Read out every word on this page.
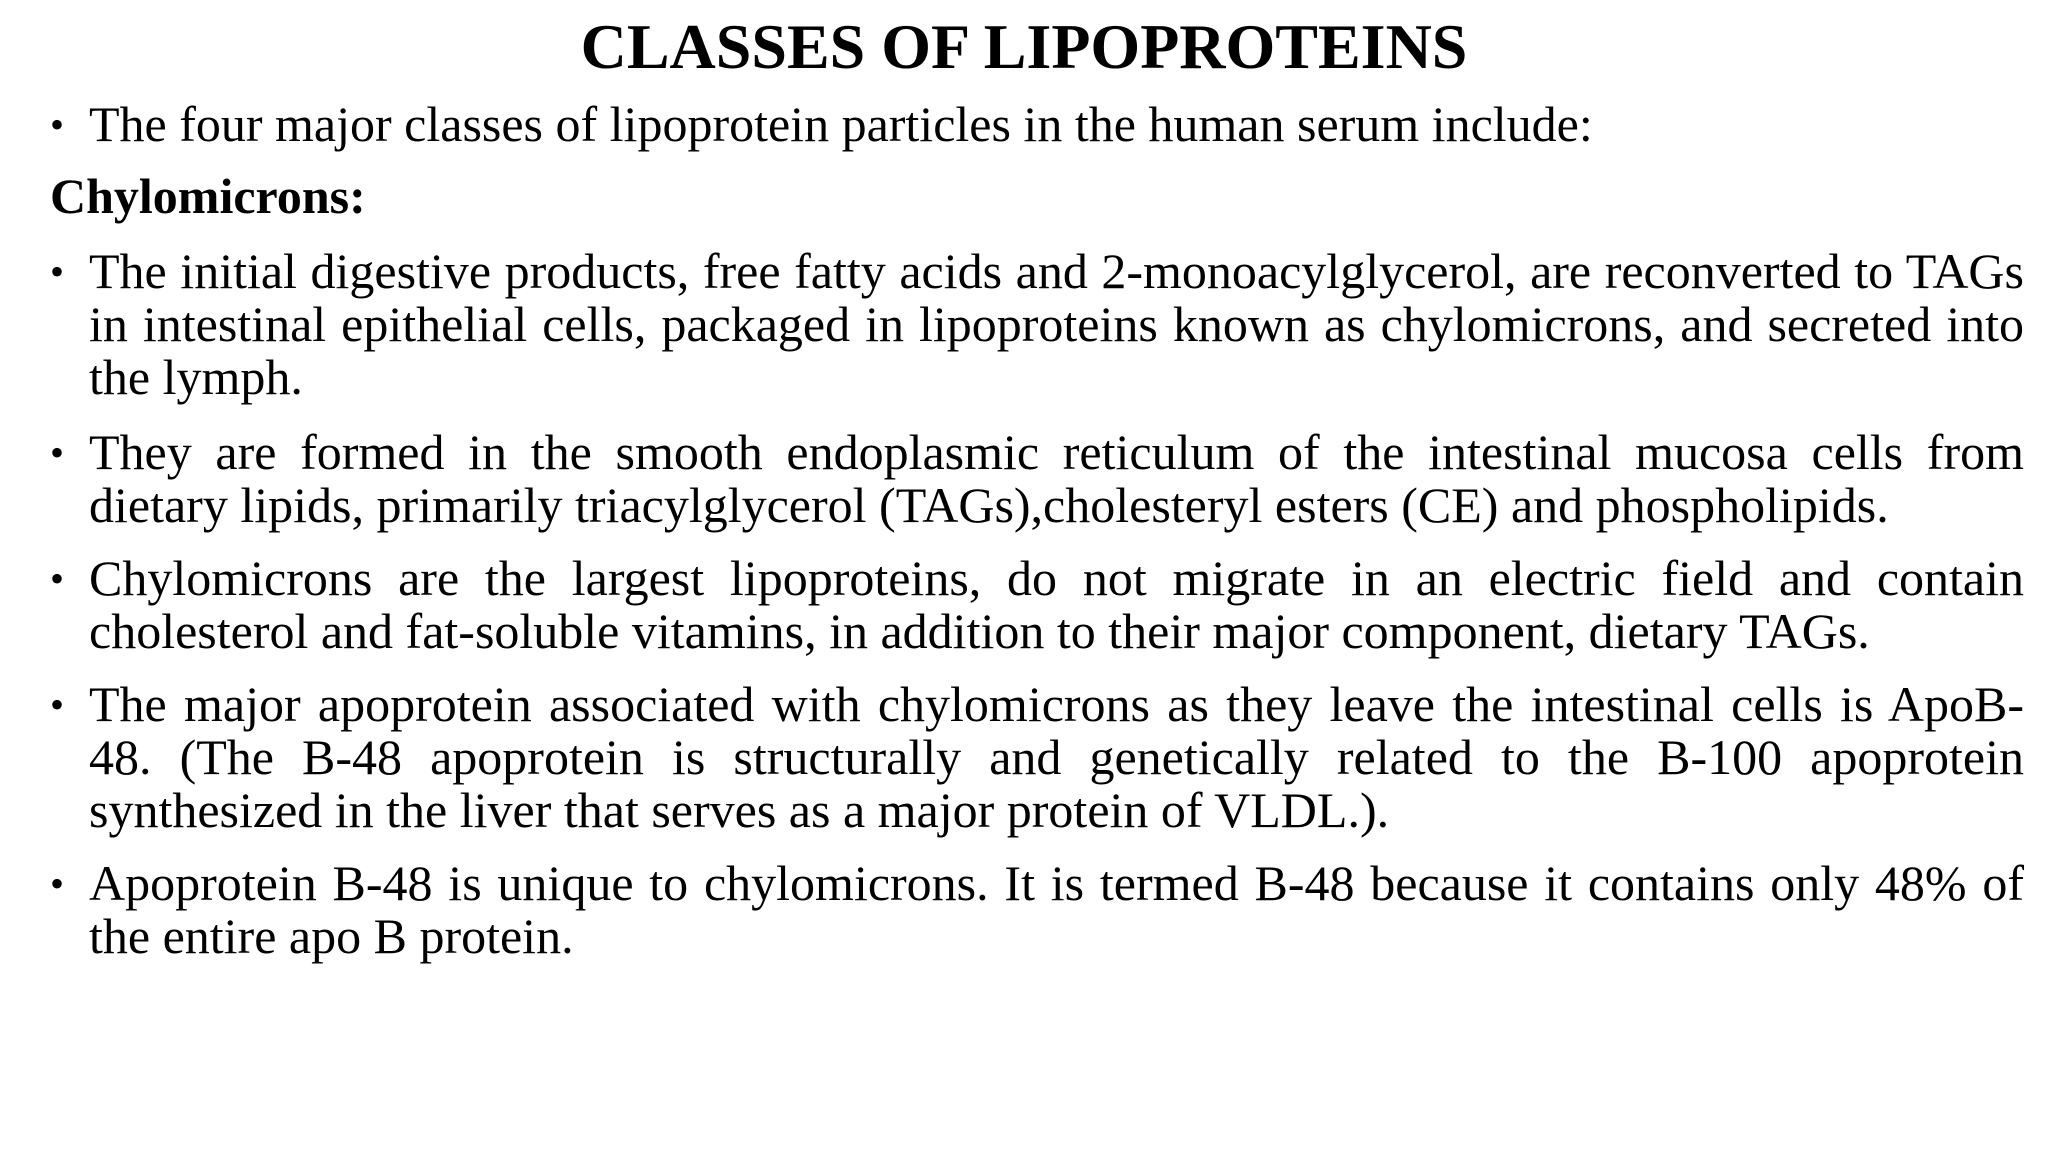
CLASSES OF LIPOPROTEINS
• The four major classes of lipoprotein particles in the human serum include:
Chylomicrons:
• The initial digestive products, free fatty acids and 2-monoacylglycerol, are reconverted to TAGs in intestinal epithelial cells, packaged in lipoproteins known as chylomicrons, and secreted into the lymph.
• They are formed in the smooth endoplasmic reticulum of the intestinal mucosa cells from dietary lipids, primarily triacylglycerol (TAGs),cholesteryl esters (CE) and phospholipids.
• Chylomicrons are the largest lipoproteins, do not migrate in an electric field and contain cholesterol and fat-soluble vitamins, in addition to their major component, dietary TAGs.
• The major apoprotein associated with chylomicrons as they leave the intestinal cells is ApoB-48. (The B-48 apoprotein is structurally and genetically related to the B-100 apoprotein synthesized in the liver that serves as a major protein of VLDL.).
• Apoprotein B-48 is unique to chylomicrons. It is termed B-48 because it contains only 48% of the entire apo B protein.
